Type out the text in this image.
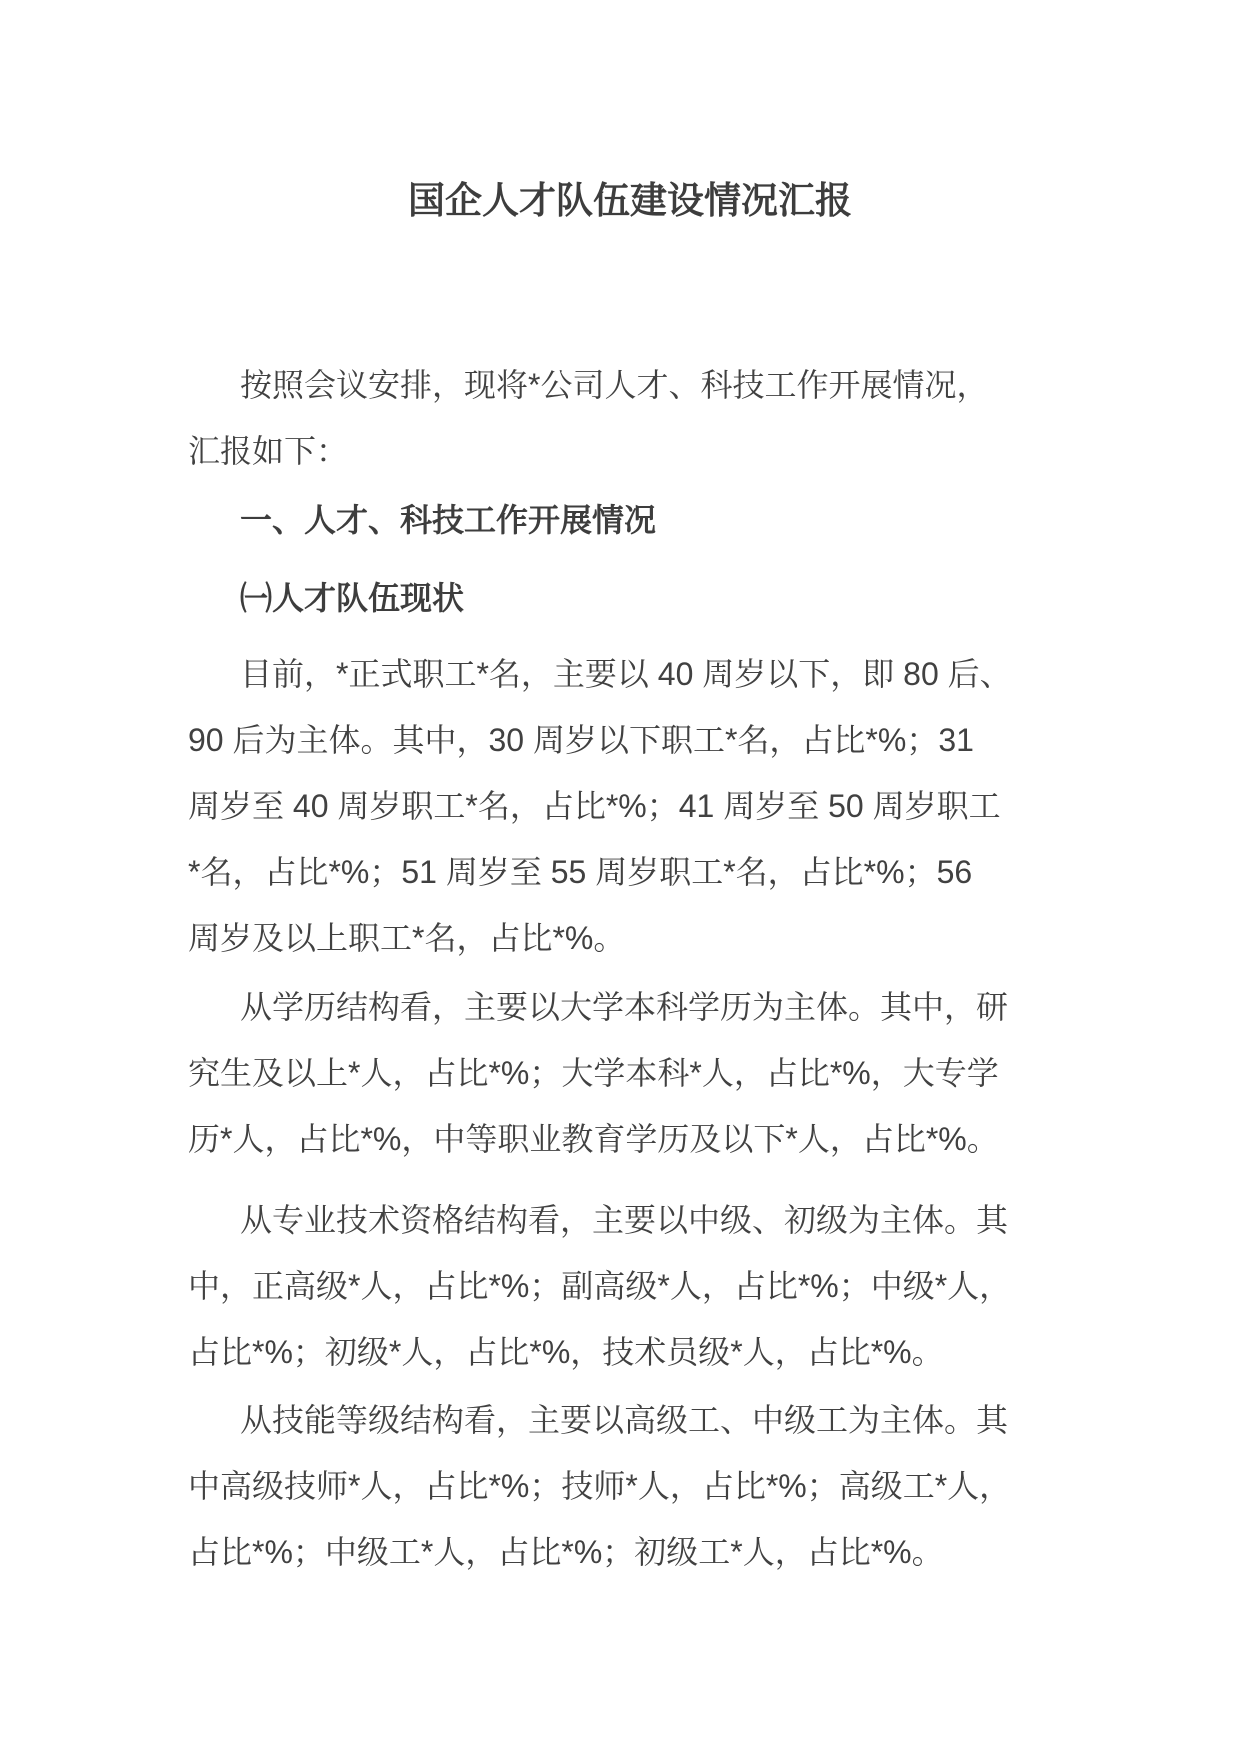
国企人才队伍建设情况汇报
按照会议安排，现将*公司人才、科技工作开展情况，
汇报如下：
一、人才、科技工作开展情况
㈠人才队伍现状
目前，*正式职工*名，主要以 40 周岁以下，即 80 后、
90 后为主体。其中，30 周岁以下职工*名，占比*%；31
周岁至 40 周岁职工*名，占比*%；41 周岁至 50 周岁职工
*名，占比*%；51 周岁至 55 周岁职工*名，占比*%；56
周岁及以上职工*名，占比*%。
从学历结构看，主要以大学本科学历为主体。其中，研
究生及以上*人，占比*%；大学本科*人，占比*%，大专学
历*人，占比*%，中等职业教育学历及以下*人，占比*%。
从专业技术资格结构看，主要以中级、初级为主体。其
中，正高级*人，占比*%；副高级*人，占比*%；中级*人，
占比*%；初级*人，占比*%，技术员级*人，占比*%。
从技能等级结构看，主要以高级工、中级工为主体。其
中高级技师*人，占比*%；技师*人，占比*%；高级工*人，
占比*%；中级工*人，占比*%；初级工*人，占比*%。
